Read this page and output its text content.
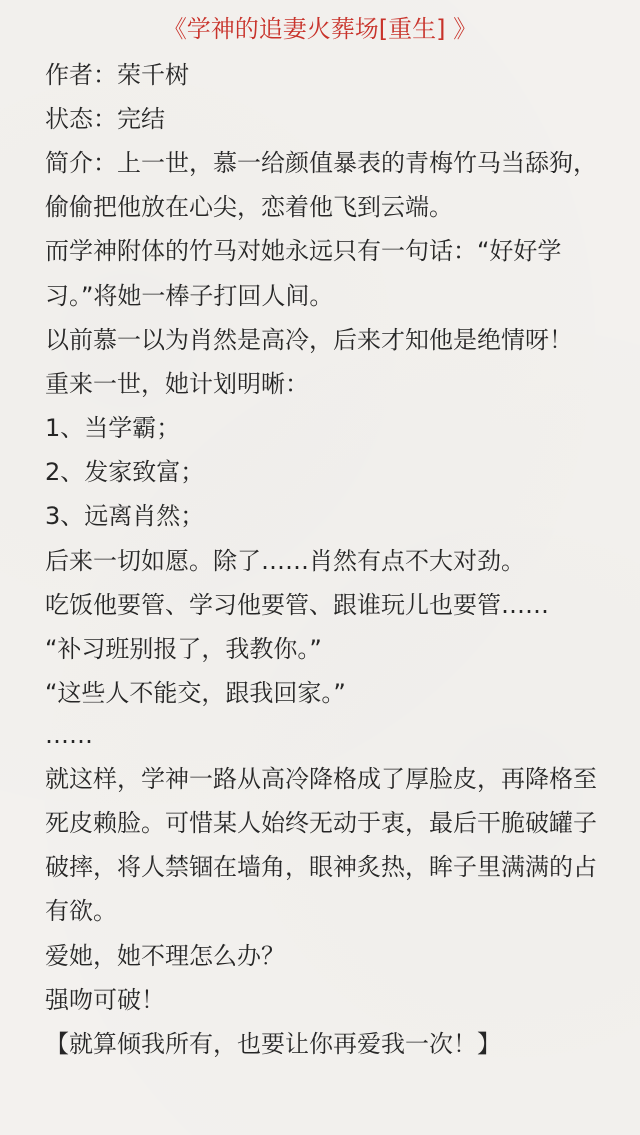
《学神的追妻火葬场[重生] 》
作者：荣千树
状态：完结
简介：上一世，慕一给颜值暴表的青梅竹马当舔狗，
偷偷把他放在心尖，恋着他飞到云端。
而学神附体的竹马对她永远只有一句话：“好好学
习。”将她一棒子打回人间。
以前慕一以为肖然是高冷，后来才知他是绝情呀！
重来一世，她计划明晰：
1、当学霸；
2、发家致富；
3、远离肖然；
后来一切如愿。除了……肖然有点不大对劲。
吃饭他要管、学习他要管、跟谁玩儿也要管……
“补习班别报了，我教你。”
“这些人不能交，跟我回家。”
……
就这样，学神一路从高冷降格成了厚脸皮，再降格至
死皮赖脸。可惜某人始终无动于衷，最后干脆破罐子
破摔，将人禁锢在墙角，眼神炙热，眸子里满满的占
有欲。
爱她，她不理怎么办？
强吻可破！
【就算倾我所有，也要让你再爱我一次！】
